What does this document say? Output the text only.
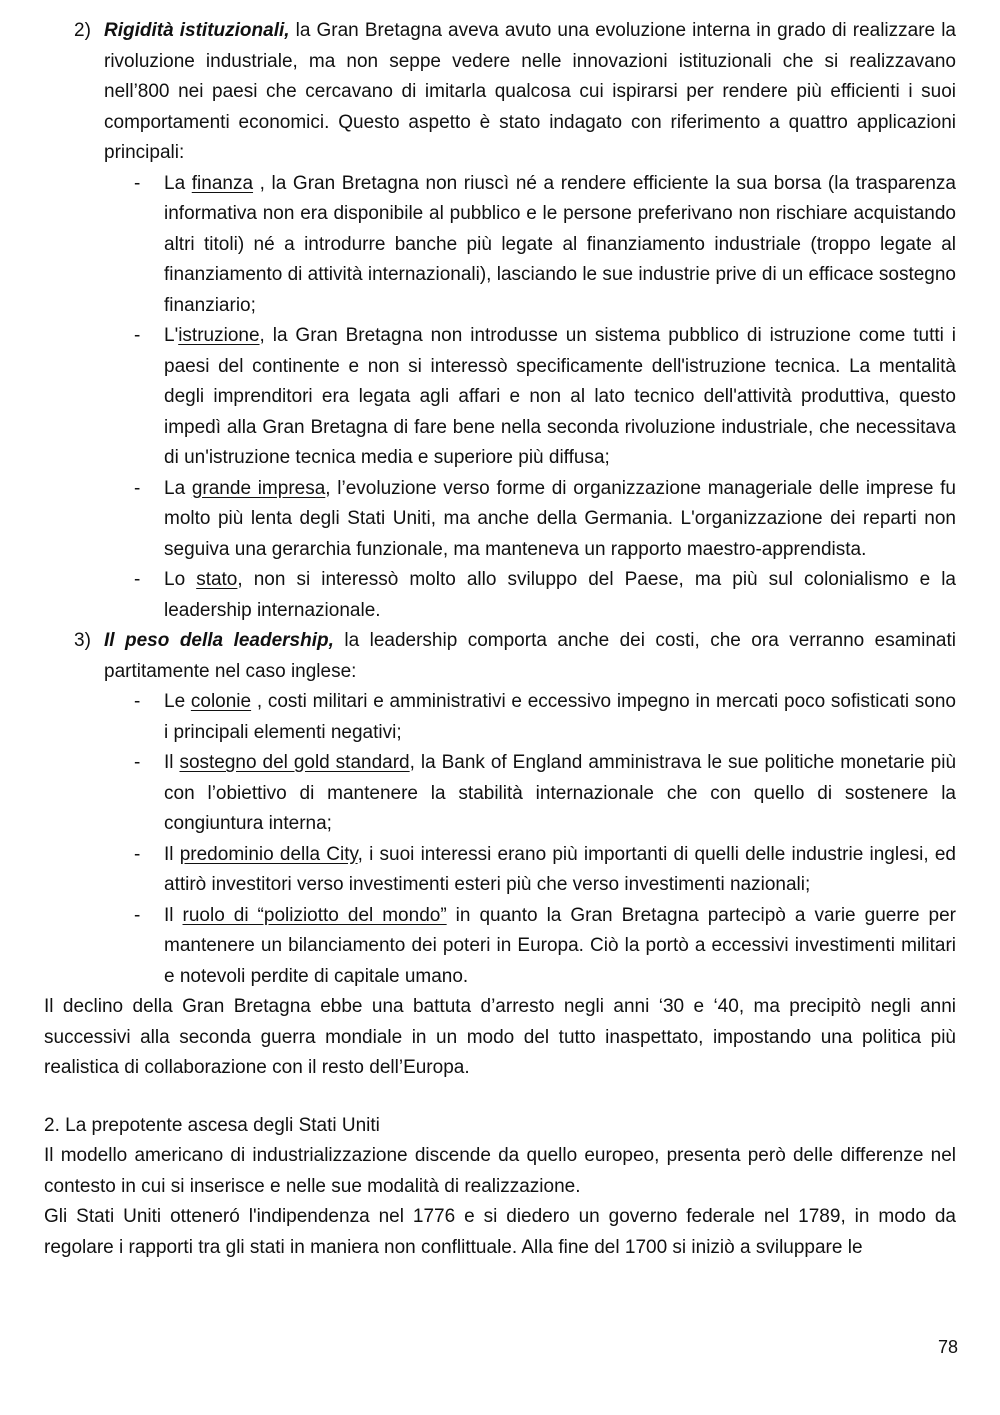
2) Rigidità istituzionali, la Gran Bretagna aveva avuto una evoluzione interna in grado di realizzare la rivoluzione industriale, ma non seppe vedere nelle innovazioni istituzionali che si realizzavano nell’800 nei paesi che cercavano di imitarla qualcosa cui ispirarsi per rendere più efficienti i suoi comportamenti economici. Questo aspetto è stato indagato con riferimento a quattro applicazioni principali:
- La finanza , la Gran Bretagna non riuscì né a rendere efficiente la sua borsa (la trasparenza informativa non era disponibile al pubblico e le persone preferivano non rischiare acquistando altri titoli) né a introdurre banche più legate al finanziamento industriale (troppo legate al finanziamento di attività internazionali), lasciando le sue industrie prive di un efficace sostegno finanziario;
- L'istruzione, la Gran Bretagna non introdusse un sistema pubblico di istruzione come tutti i paesi del continente e non si interessò specificamente dell'istruzione tecnica. La mentalità degli imprenditori era legata agli affari e non al lato tecnico dell'attività produttiva, questo impedì alla Gran Bretagna di fare bene nella seconda rivoluzione industriale, che necessitava di un'istruzione tecnica media e superiore più diffusa;
- La grande impresa, l’evoluzione verso forme di organizzazione manageriale delle imprese fu molto più lenta degli Stati Uniti, ma anche della Germania. L'organizzazione dei reparti non seguiva una gerarchia funzionale, ma manteneva un rapporto maestro-apprendista.
- Lo stato, non si interessò molto allo sviluppo del Paese, ma più sul colonialismo e la leadership internazionale.
3) Il peso della leadership, la leadership comporta anche dei costi, che ora verranno esaminati partitamente nel caso inglese:
- Le colonie , costi militari e amministrativi e eccessivo impegno in mercati poco sofisticati sono i principali elementi negativi;
- Il sostegno del gold standard, la Bank of England amministrava le sue politiche monetarie più con l’obiettivo di mantenere la stabilità internazionale che con quello di sostenere la congiuntura interna;
- Il predominio della City, i suoi interessi erano più importanti di quelli delle industrie inglesi, ed attirò investitori verso investimenti esteri più che verso investimenti nazionali;
- Il ruolo di “poliziotto del mondo” in quanto la Gran Bretagna partecipò a varie guerre per mantenere un bilanciamento dei poteri in Europa. Ciò la portò a eccessivi investimenti militari e notevoli perdite di capitale umano.
Il declino della Gran Bretagna ebbe una battuta d’arresto negli anni ‘30 e ‘40, ma precipitò negli anni successivi alla seconda guerra mondiale in un modo del tutto inaspettato, impostando una politica più realistica di collaborazione con il resto dell’Europa.
2. La prepotente ascesa degli Stati Uniti
Il modello americano di industrializzazione discende da quello europeo, presenta però delle differenze nel contesto in cui si inserisce e nelle sue modalità di realizzazione.
Gli Stati Uniti otteneró l'indipendenza nel 1776 e si diedero un governo federale nel 1789, in modo da regolare i rapporti tra gli stati in maniera non conflittuale. Alla fine del 1700 si iniziò a sviluppare le
78
